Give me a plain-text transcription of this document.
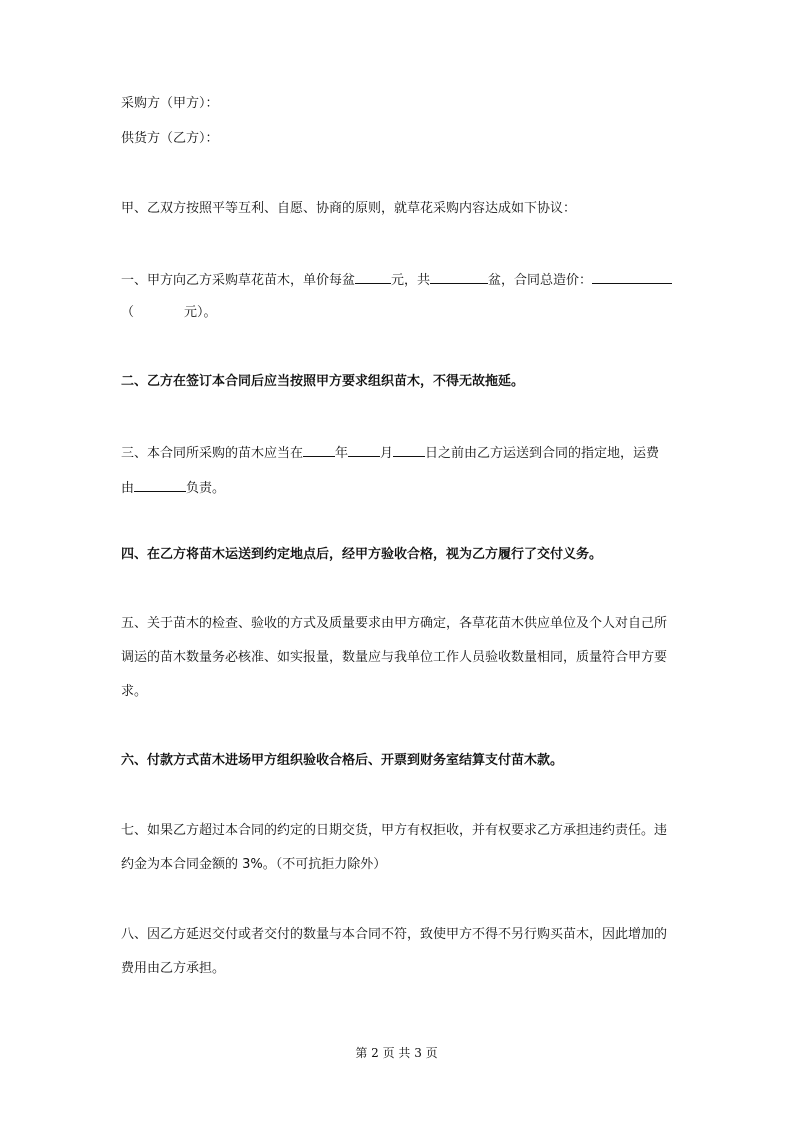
采购方（甲方）：
供货方（乙方）：
甲、乙双方按照平等互利、自愿、协商的原则，就草花采购内容达成如下协议：
一、甲方向乙方采购草花苗木，单价每盆	元，共	盆，合同总造价：
（	元）。
二、乙方在签订本合同后应当按照甲方要求组织苗木，不得无故拖延。
三、本合同所采购的苗木应当在 年 月 日之前由乙方运送到合同的指定地，运费
由	负责。
四、在乙方将苗木运送到约定地点后，经甲方验收合格，视为乙方履行了交付义务。
五、关于苗木的检查、验收的方式及质量要求由甲方确定，各草花苗木供应单位及个人对自己所
调运的苗木数量务必核准、如实报量，数量应与我单位工作人员验收数量相同，质量符合甲方要
求。
六、付款方式苗木进场甲方组织验收合格后、开票到财务室结算支付苗木款。
七、如果乙方超过本合同的约定的日期交货，甲方有权拒收，并有权要求乙方承担违约责任。违
约金为本合同金额的 3%。（不可抗拒力除外）
八、因乙方延迟交付或者交付的数量与本合同不符，致使甲方不得不另行购买苗木，因此增加的
费用由乙方承担。
第 2 页 共 3 页
